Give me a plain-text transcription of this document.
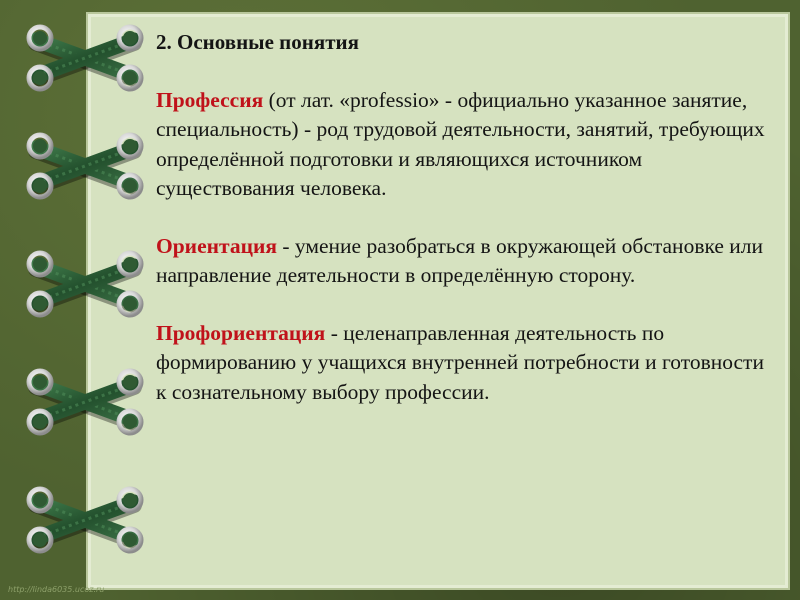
2. Основные понятия
Профессия (от лат. «professio» - официально указанное занятие, специальность) - род трудовой деятельности, занятий, требующих определённой подготовки и являющихся источником существования человека.
Ориентация - умение разобраться в окружающей обстановке или направление деятельности в определённую сторону.
Профориентация - целенаправленная деятельность по формированию у учащихся внутренней потребности и готовности к сознательному выбору профессии.
http://linda6035.ucoz.ru
